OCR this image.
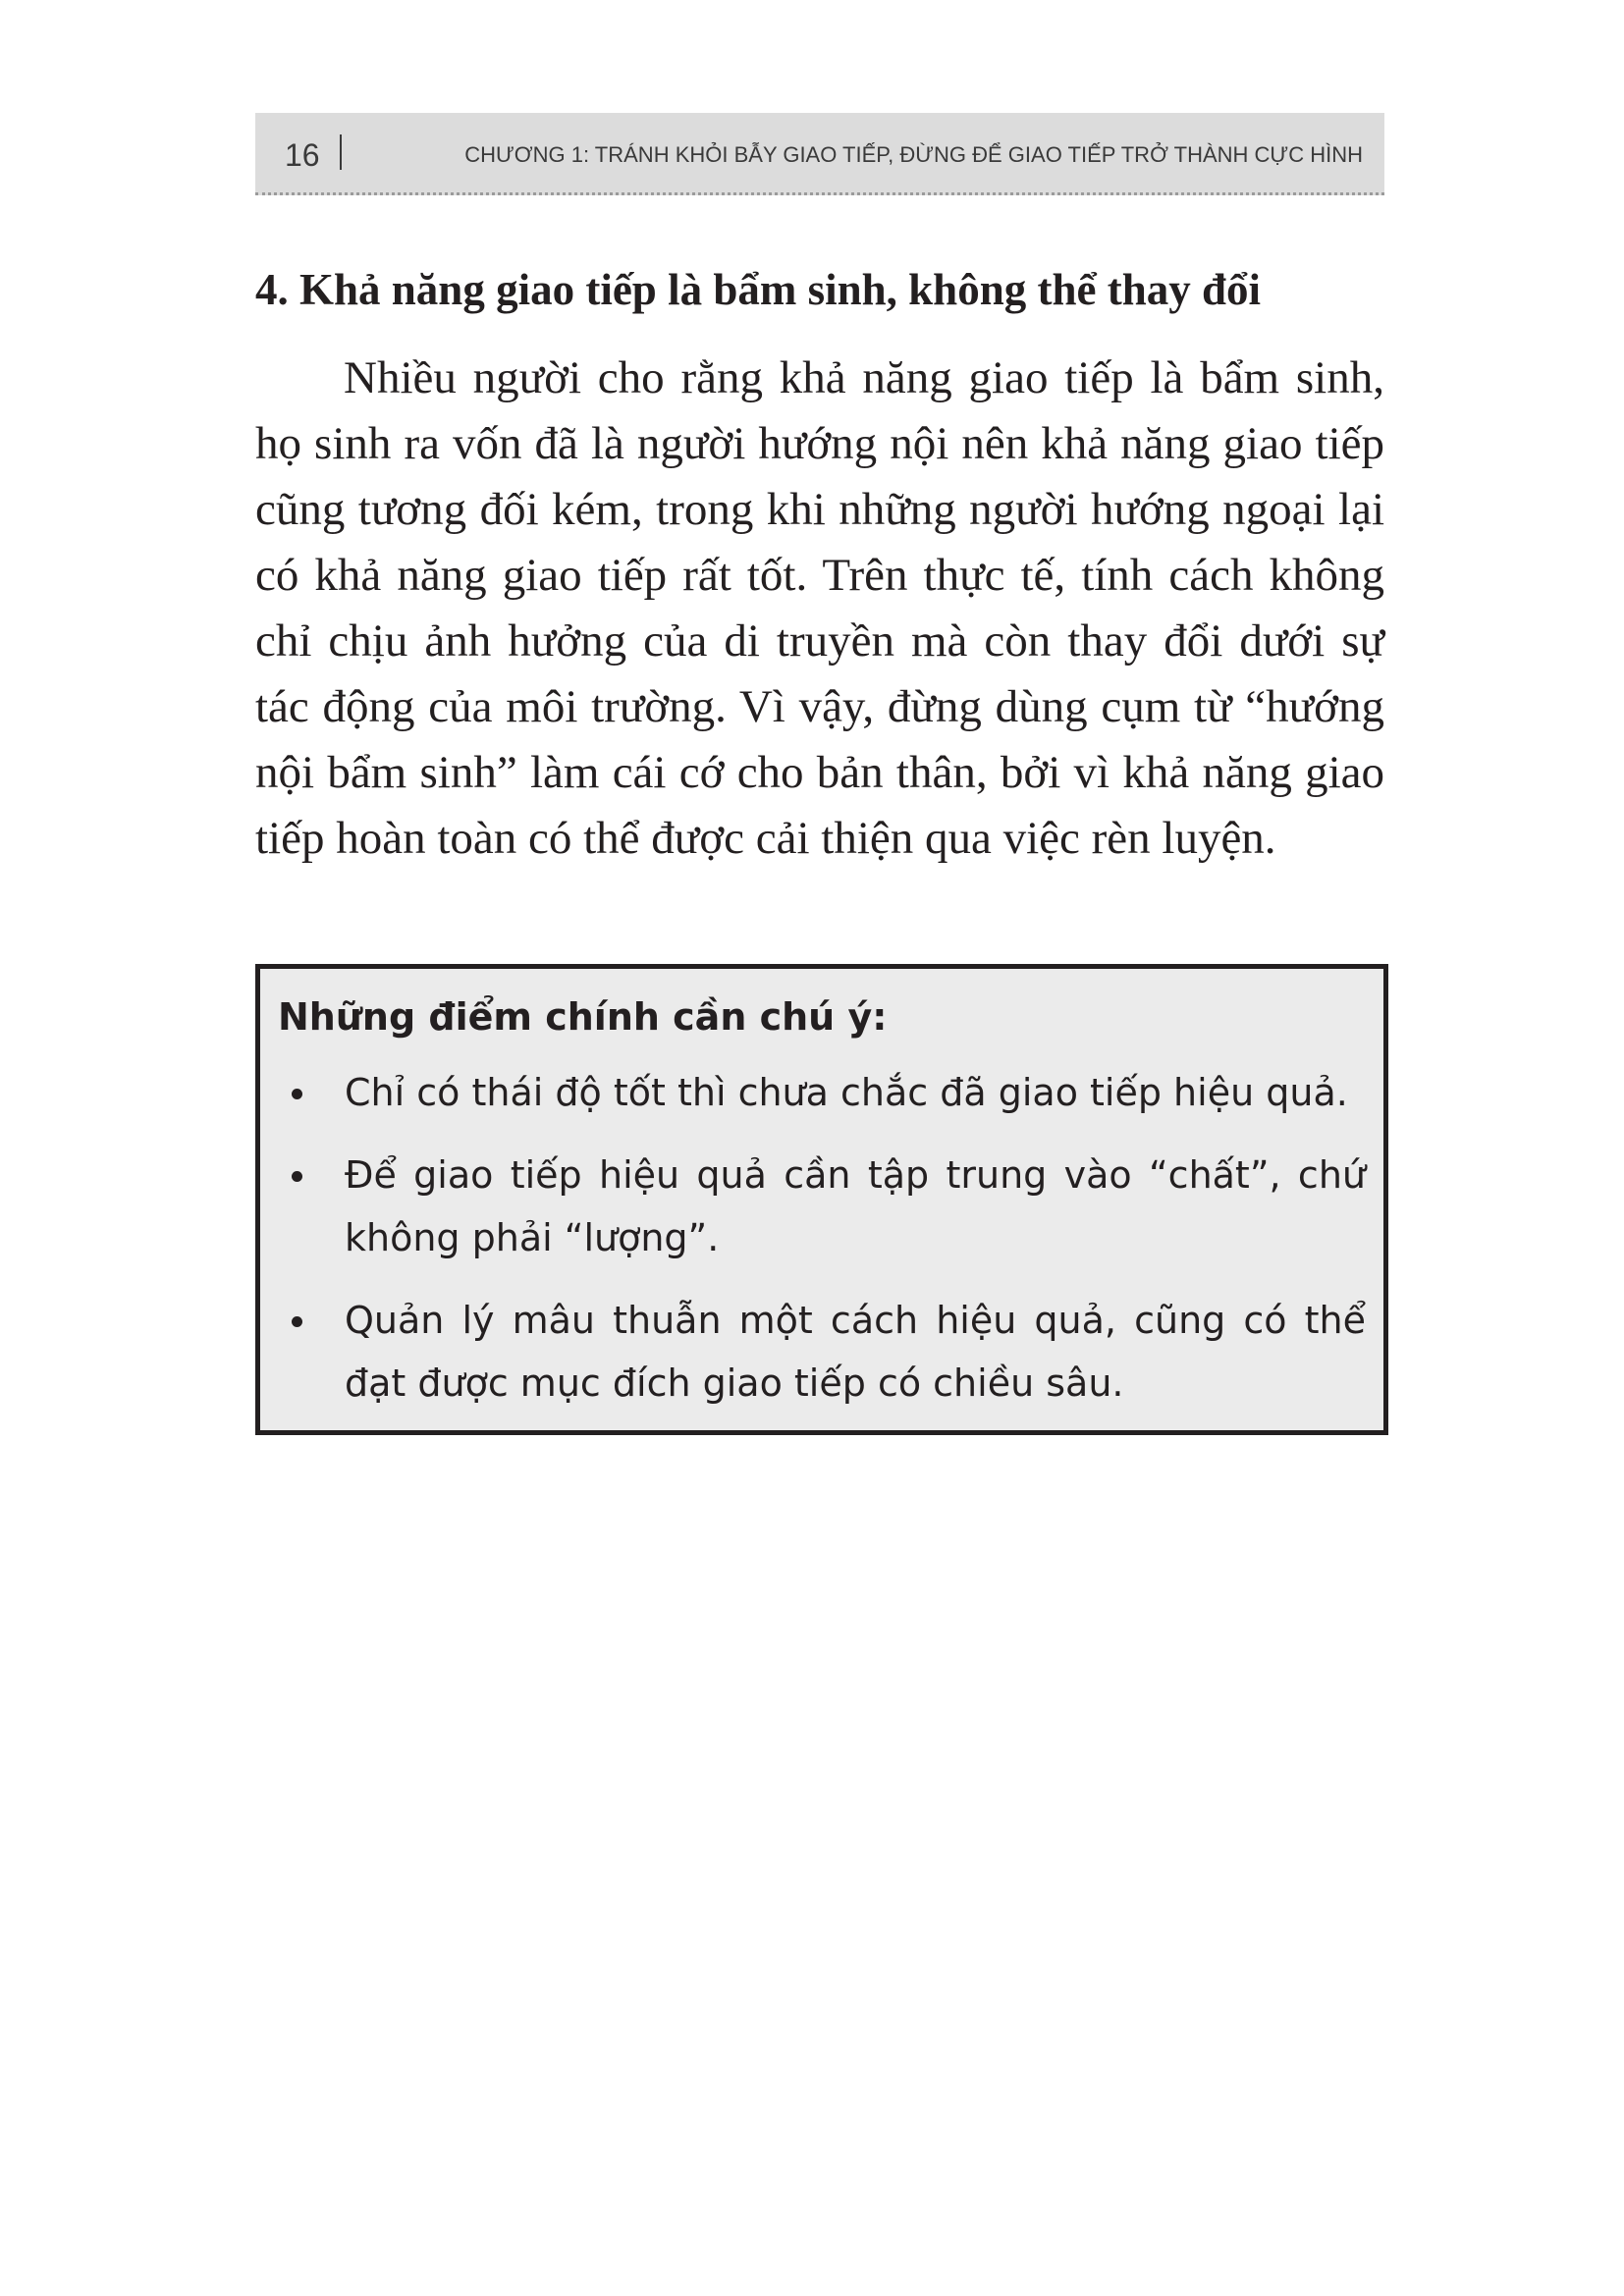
16	CHƯƠNG 1: TRÁNH KHỎI BẪY GIAO TIẾP, ĐỪNG ĐỂ GIAO TIẾP TRỞ THÀNH CỰC HÌNH
4. Khả năng giao tiếp là bẩm sinh, không thể thay đổi

Nhiều người cho rằng khả năng giao tiếp là bẩm sinh, họ sinh ra vốn đã là người hướng nội nên khả năng giao tiếp cũng tương đối kém, trong khi những người hướng ngoại lại có khả năng giao tiếp rất tốt. Trên thực tế, tính cách không chỉ chịu ảnh hưởng của di truyền mà còn thay đổi dưới sự tác động của môi trường. Vì vậy, đừng dùng cụm từ “hướng nội bẩm sinh” làm cái cớ cho bản thân, bởi vì khả năng giao tiếp hoàn toàn có thể được cải thiện qua việc rèn luyện.

Những điểm chính cần chú ý:
Chỉ có thái độ tốt thì chưa chắc đã giao tiếp hiệu quả.
Để giao tiếp hiệu quả cần tập trung vào “chất”, chứ không phải “lượng”.
Quản lý mâu thuẫn một cách hiệu quả, cũng có thể đạt được mục đích giao tiếp có chiều sâu.
